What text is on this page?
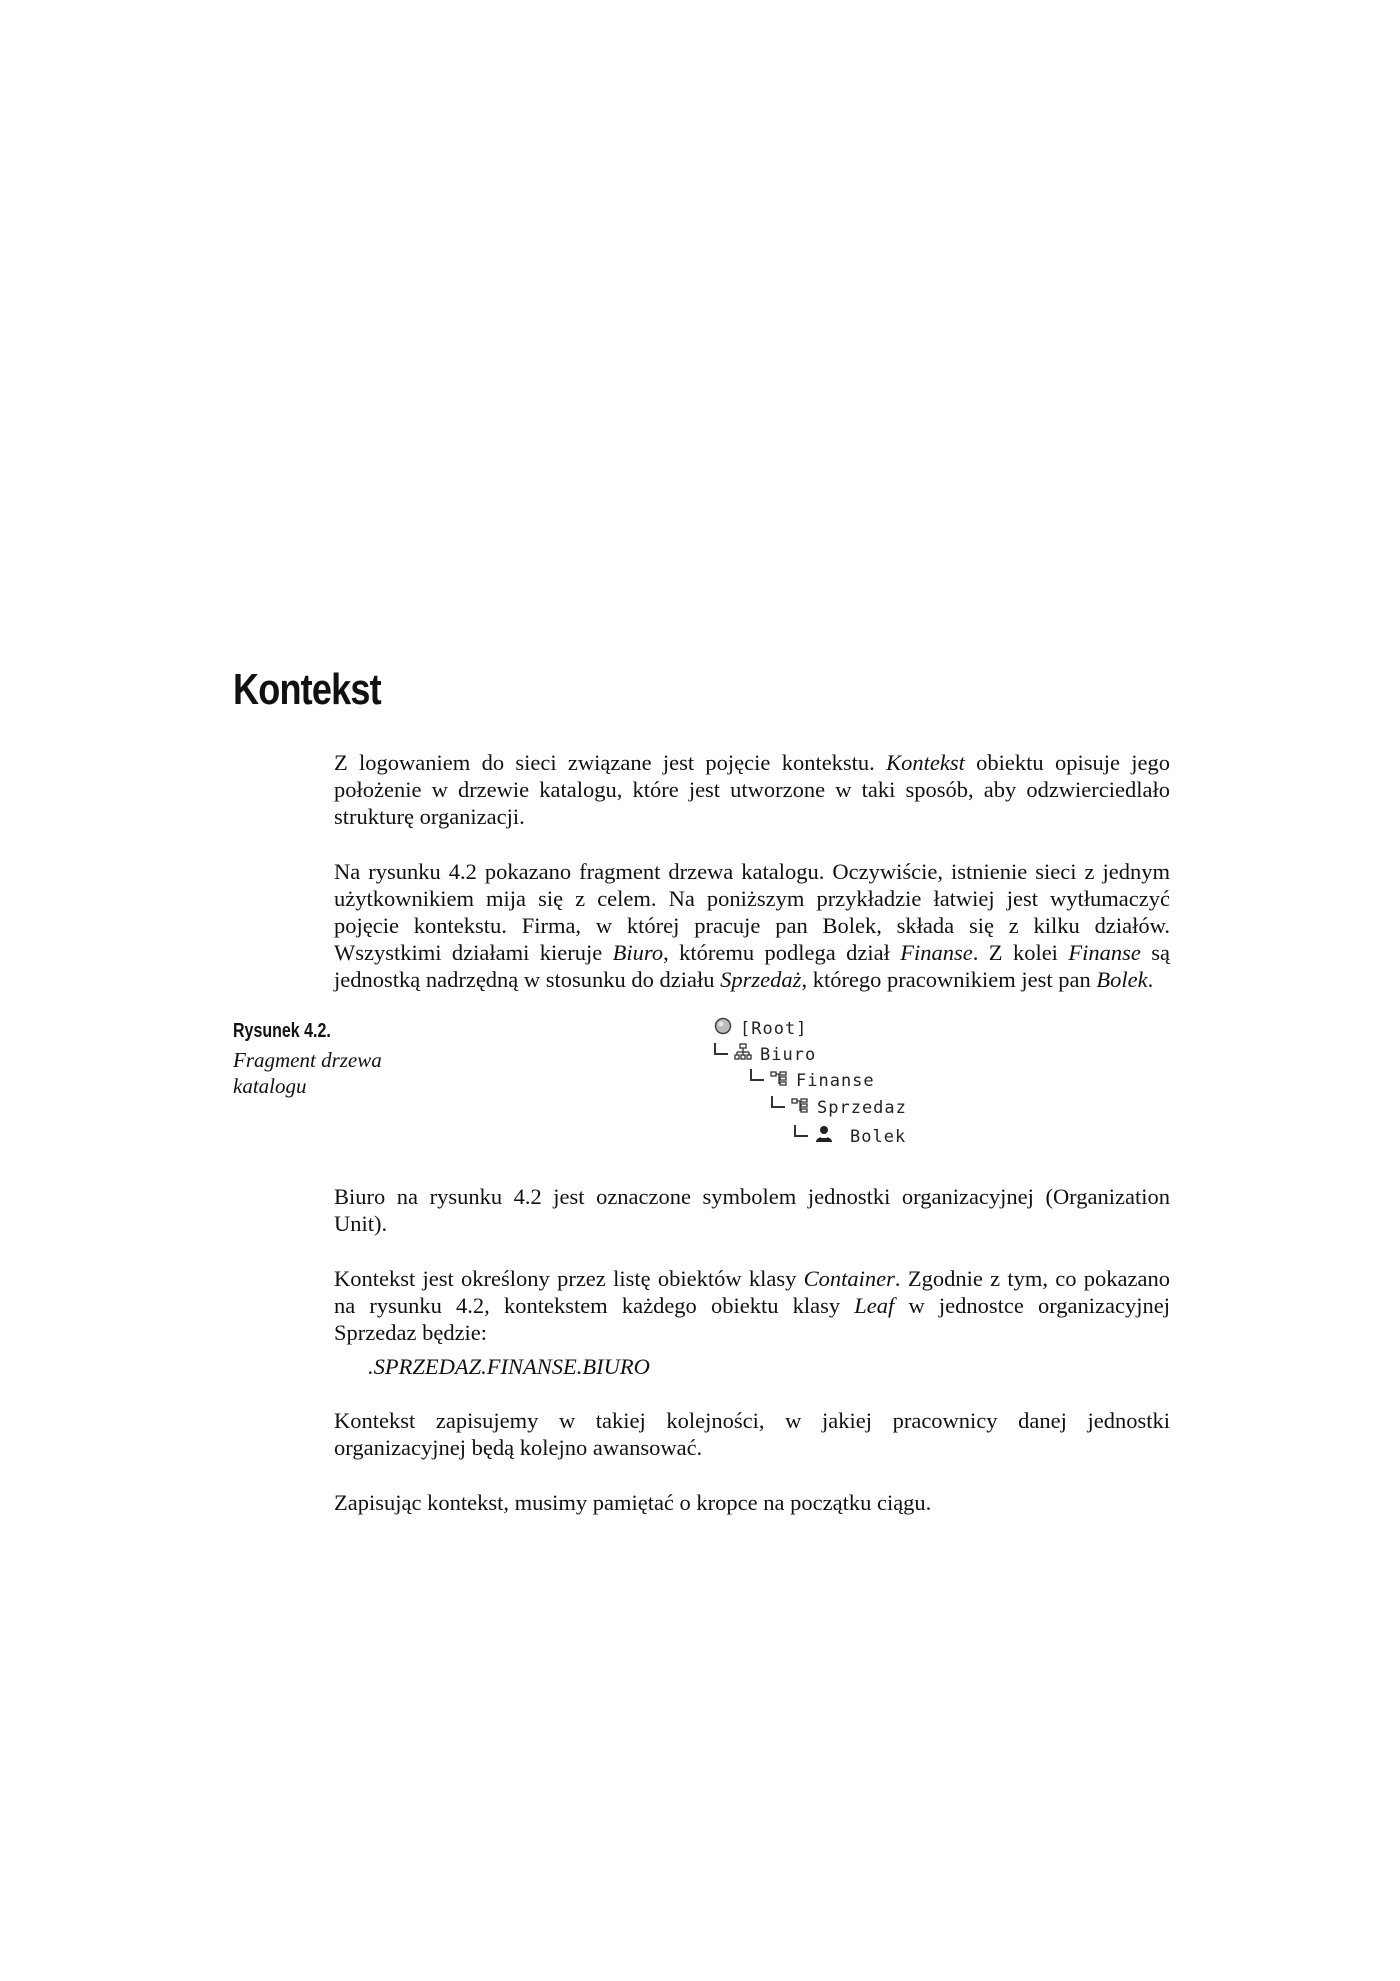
Kontekst

Z logowaniem do sieci związane jest pojęcie kontekstu. Kontekst obiektu opisuje jego położenie w drzewie katalogu, które jest utworzone w taki sposób, aby odzwierciedlało strukturę organizacji.

Na rysunku 4.2 pokazano fragment drzewa katalogu. Oczywiście, istnienie sieci z jednym użytkownikiem mija się z celem. Na poniższym przykładzie łatwiej jest wytłumaczyć pojęcie kontekstu. Firma, w której pracuje pan Bolek, składa się z kilku działów. Wszystkimi działami kieruje Biuro, któremu podlega dział Finanse. Z kolei Finanse są jednostką nadrzędną w stosunku do działu Sprzedaż, którego pracownikiem jest pan Bolek.

Rysunek 4.2.
Fragment drzewa katalogu
[Root]
Biuro
Finanse
Sprzedaz
Bolek

Biuro na rysunku 4.2 jest oznaczone symbolem jednostki organizacyjnej (Organization Unit).

Kontekst jest określony przez listę obiektów klasy Container. Zgodnie z tym, co pokazano na rysunku 4.2, kontekstem każdego obiektu klasy Leaf w jednostce organizacyjnej Sprzedaz będzie:

.SPRZEDAZ.FINANSE.BIURO

Kontekst zapisujemy w takiej kolejności, w jakiej pracownicy danej jednostki organizacyjnej będą kolejno awansować.

Zapisując kontekst, musimy pamiętać o kropce na początku ciągu.
